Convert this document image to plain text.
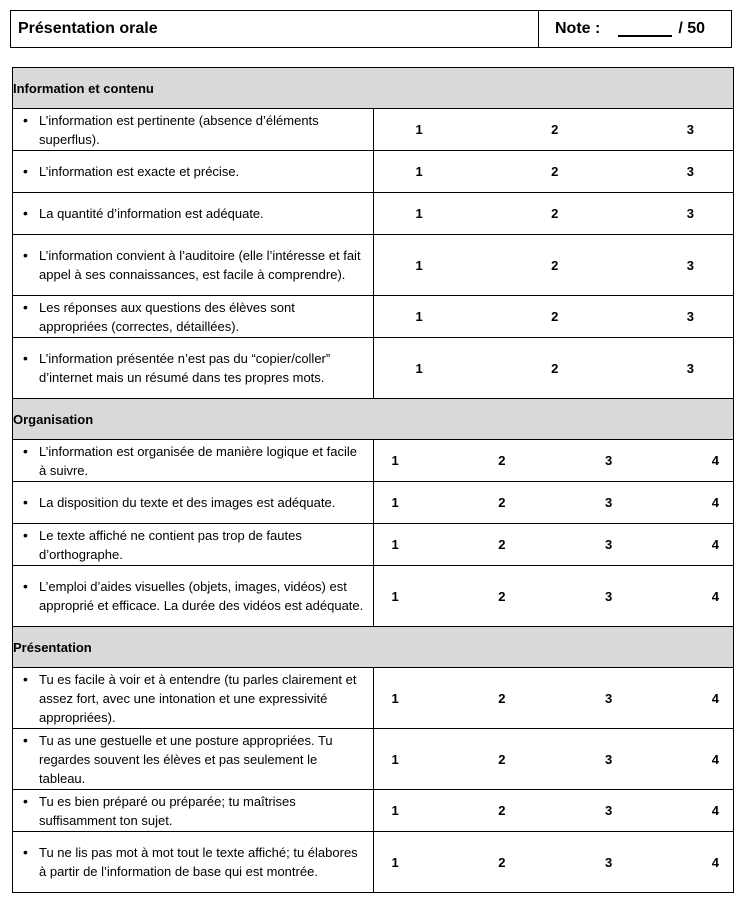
Présentation orale	Note :	/ 50
Information et contenu	

• L’information est pertinente (absence d’éléments superflus).	1 2 3

• L’information est exacte et précise.	1 2 3

• La quantité d’information est adéquate.	1 2 3

• L’information convient à l’auditoire (elle l’intéresse et fait appel à ses connaissances, est facile à comprendre).	1 2 3

• Les réponses aux questions des élèves sont appropriées (correctes, détaillées).	1 2 3

• L’information présentée n’est pas du “copier/coller” d’internet mais un résumé dans tes propres mots.	1 2 3

Organisation	

• L’information est organisée de manière logique et facile à suivre.	1 2 3 4

• La disposition du texte et des images est adéquate.	1 2 3 4

• Le texte affiché ne contient pas trop de fautes d’orthographe.	1 2 3 4

• L’emploi d’aides visuelles (objets, images, vidéos) est approprié et efficace. La durée des vidéos est adéquate.	1 2 3 4

Présentation	

• Tu es facile à voir et à entendre (tu parles clairement et assez fort, avec une intonation et une expressivité appropriées).	1 2 3 4

• Tu as une gestuelle et une posture appropriées. Tu regardes souvent les élèves et pas seulement le tableau.	1 2 3 4

• Tu es bien préparé ou préparée; tu maîtrises suffisamment ton sujet.	1 2 3 4

• Tu ne lis pas mot à mot tout le texte affiché; tu élabores à partir de l’information de base qui est montrée.	1 2 3 4
